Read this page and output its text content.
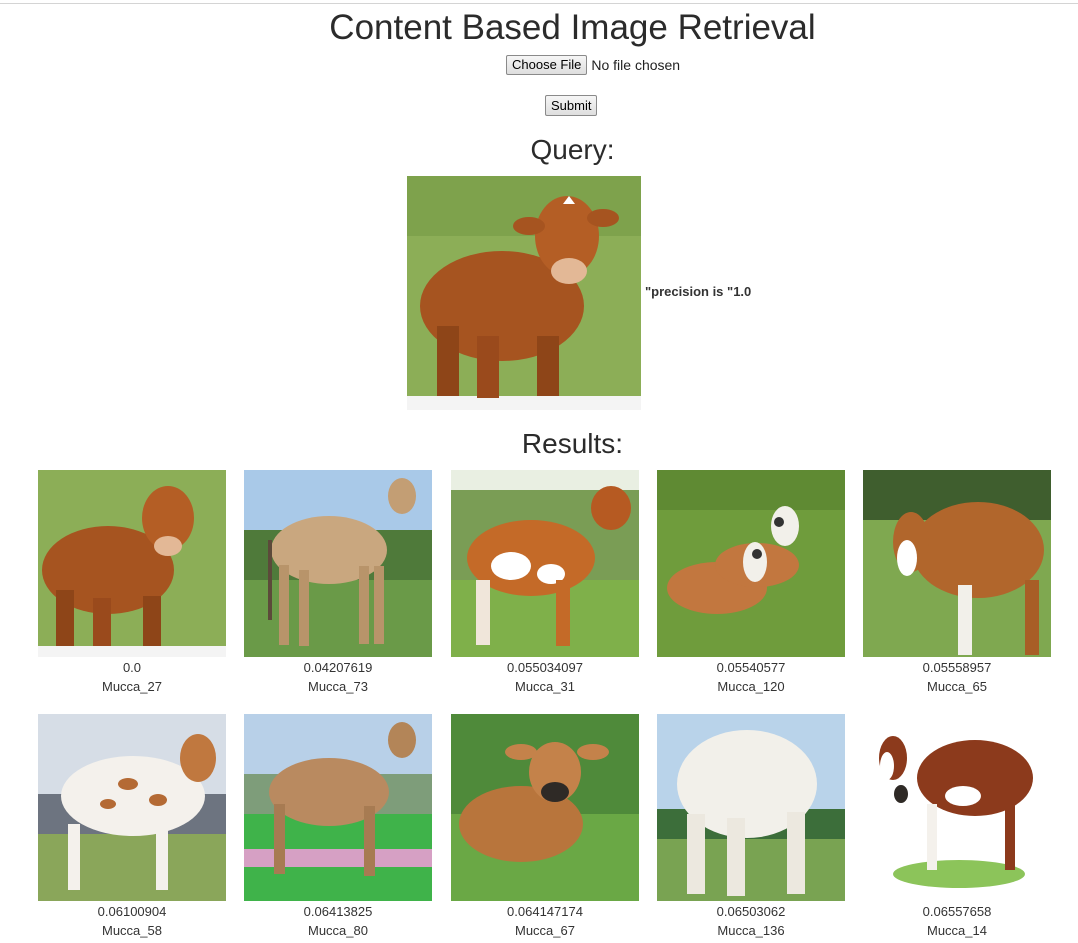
Content Based Image Retrieval
Choose File No file chosen
Submit
Query:
"precision is "1.0
Results:
0.0
Mucca_27
0.04207619
Mucca_73
0.055034097
Mucca_31
0.05540577
Mucca_120
0.05558957
Mucca_65
0.06100904
Mucca_58
0.06413825
Mucca_80
0.064147174
Mucca_67
0.06503062
Mucca_136
0.06557658
Mucca_14
